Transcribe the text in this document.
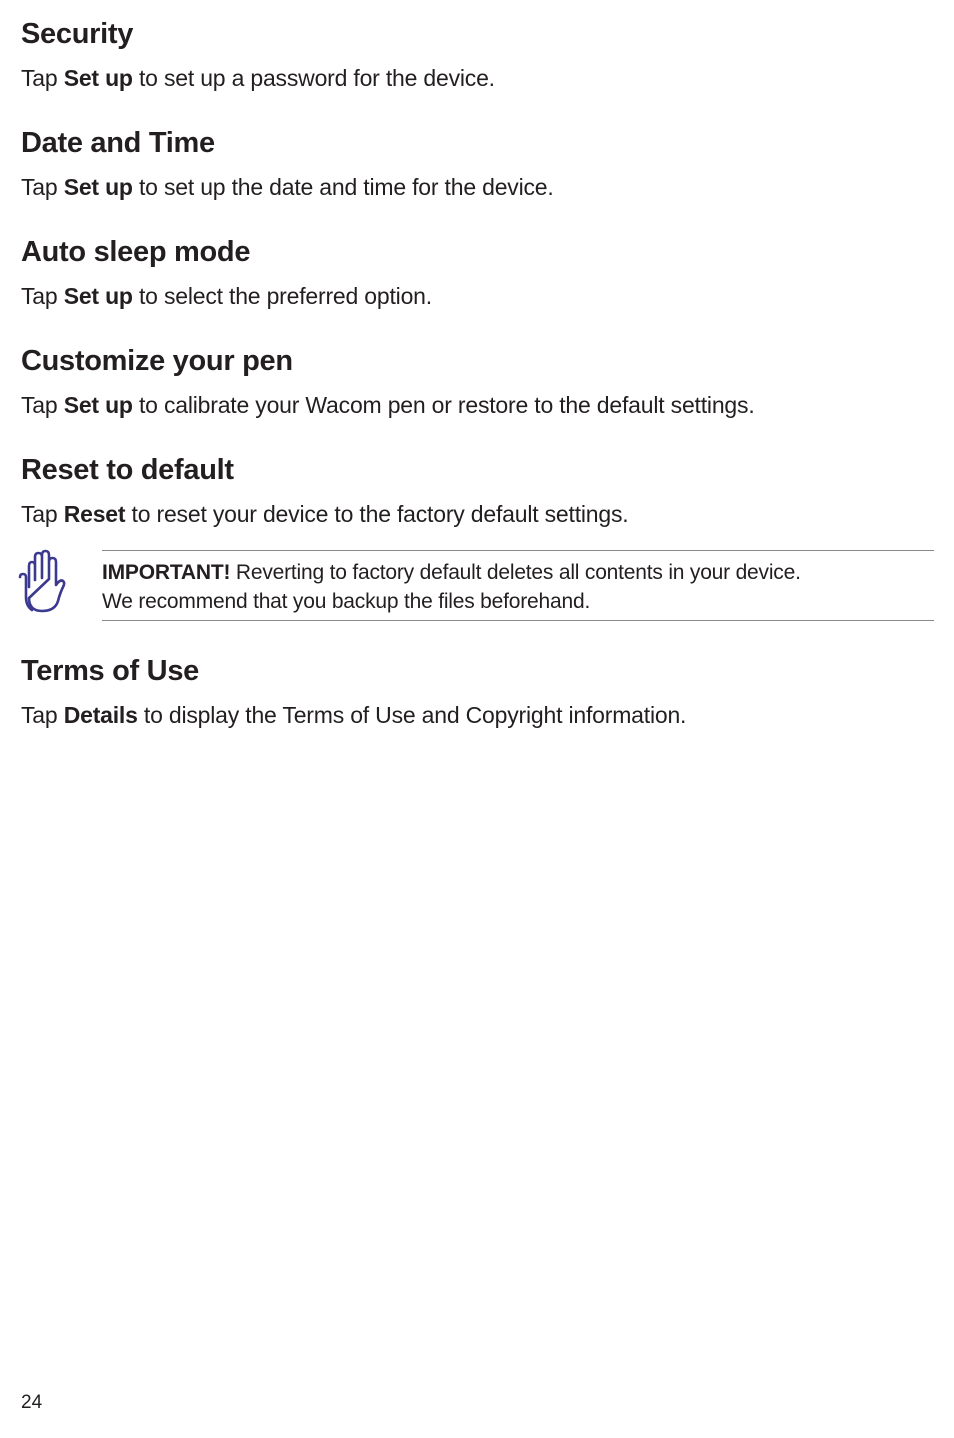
Security

Tap Set up to set up a password for the device.

Date and Time

Tap Set up to set up the date and time for the device.

Auto sleep mode

Tap Set up to select the preferred option.

Customize your pen

Tap Set up to calibrate your Wacom pen or restore to the default settings.

Reset to default

Tap Reset to reset your device to the factory default settings.

IMPORTANT! Reverting to factory default deletes all contents in your device.
We recommend that you backup the files beforehand.
Terms of Use

Tap Details to display the Terms of Use and Copyright information.

24
